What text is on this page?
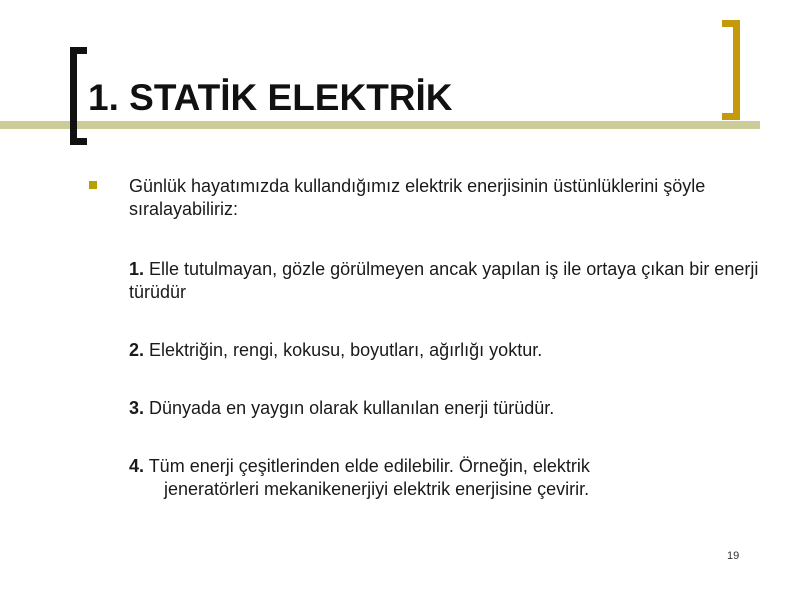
1. STATİK ELEKTRİK
Günlük hayatımızda kullandığımız elektrik enerjisinin üstünlüklerini şöyle sıralayabiliriz:
1. Elle tutulmayan, gözle görülmeyen ancak yapılan iş ile ortaya çıkan bir enerji türüdür
2. Elektriğin, rengi, kokusu, boyutları, ağırlığı yoktur.
3. Dünyada en yaygın olarak kullanılan enerji türüdür.
4. Tüm enerji çeşitlerinden elde edilebilir. Örneğin, elektrik
jeneratörleri mekanikenerjiyi elektrik enerjisine çevirir.
19
